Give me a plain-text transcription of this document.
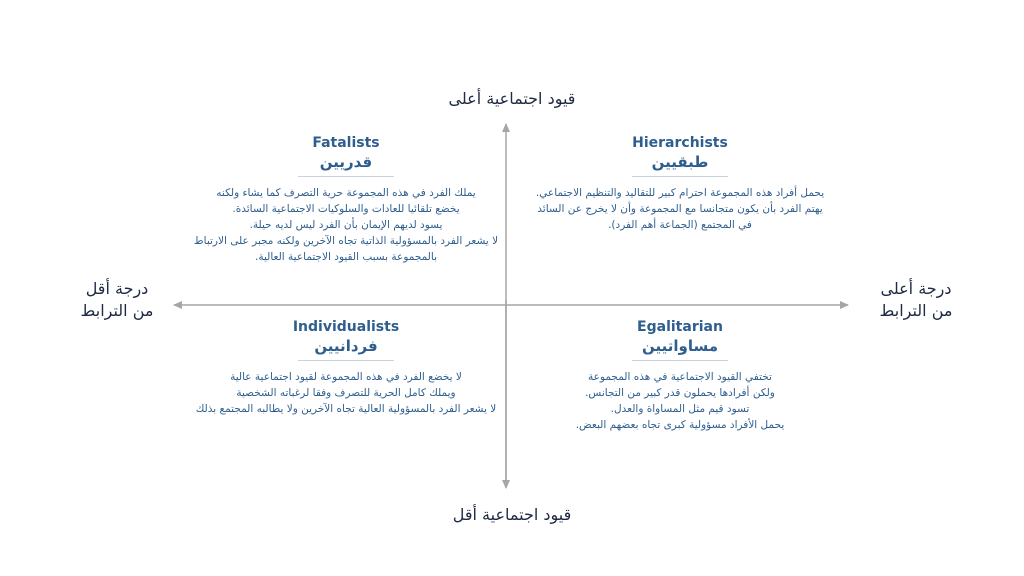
قيود اجتماعية أعلى
قيود اجتماعية أقل
درجة أقل
من الترابط
درجة أعلى
من الترابط
Fatalists
قدريين
يملك الفرد في هذه المجموعة حرية التصرف كما يشاء ولكنه
يخضع تلقائيا للعادات والسلوكيات الاجتماعية السائدة.
يسود لديهم الإيمان بأن الفرد ليس لديه حيلة.
لا يشعر الفرد بالمسؤولية الذاتية تجاه الآخرين ولكنه مجبر على الارتباط
بالمجموعة بسبب القيود الاجتماعية العالية.
Hierarchists
طبقيين
يحمل أفراد هذه المجموعة احترام كبير للتقاليد والتنظيم الاجتماعي.
يهتم الفرد بأن يكون متجانسا مع المجموعة وأن لا يخرج عن السائد
في المجتمع (الجماعة أهم الفرد).
Individualists
فردانيين
لا يخضع الفرد في هذه المجموعة لقيود اجتماعية عالية
ويملك كامل الحرية للتصرف وفقا لرغباته الشخصية
لا يشعر الفرد بالمسؤولية العالية تجاه الآخرين ولا يطالبه المجتمع بذلك
Egalitarian
مساواتيين
تختفي القيود الاجتماعية في هذه المجموعة
ولكن أفرادها يحملون قدر كبير من التجانس.
تسود قيم مثل المساواة والعدل.
يحمل الأفراد مسؤولية كبرى تجاه بعضهم البعض.
